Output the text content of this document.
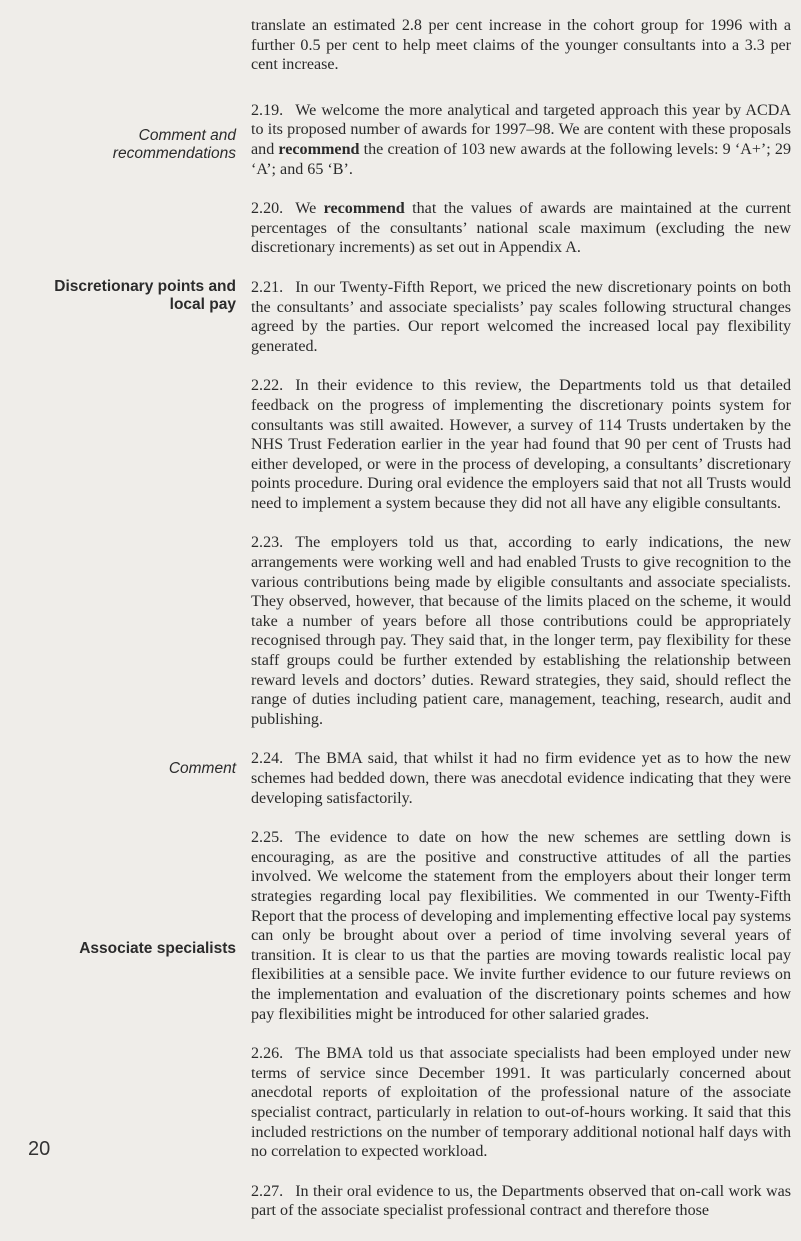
Comment and
recommendations
Discretionary points and
local pay
Comment
Associate specialists
20

translate an estimated 2.8 per cent increase in the cohort group for 1996 with a further 0.5 per cent to help meet claims of the younger consultants into a 3.3 per cent increase.

2.19. We welcome the more analytical and targeted approach this year by ACDA to its proposed number of awards for 1997–98. We are content with these proposals and recommend the creation of 103 new awards at the following levels: 9 ‘A+’; 29 ‘A’; and 65 ‘B’.

2.20. We recommend that the values of awards are maintained at the current percentages of the consultants’ national scale maximum (excluding the new discretionary increments) as set out in Appendix A.

2.21. In our Twenty-Fifth Report, we priced the new discretionary points on both the consultants’ and associate specialists’ pay scales following structural changes agreed by the parties. Our report welcomed the increased local pay flexibility generated.

2.22. In their evidence to this review, the Departments told us that detailed feedback on the progress of implementing the discretionary points system for consultants was still awaited. However, a survey of 114 Trusts undertaken by the NHS Trust Federation earlier in the year had found that 90 per cent of Trusts had either developed, or were in the process of developing, a consultants’ discretionary points procedure. During oral evidence the employers said that not all Trusts would need to implement a system because they did not all have any eligible consultants.

2.23. The employers told us that, according to early indications, the new arrangements were working well and had enabled Trusts to give recognition to the various contributions being made by eligible consultants and associate specialists. They observed, however, that because of the limits placed on the scheme, it would take a number of years before all those contributions could be appropriately recognised through pay. They said that, in the longer term, pay flexibility for these staff groups could be further extended by establishing the relationship between reward levels and doctors’ duties. Reward strategies, they said, should reflect the range of duties including patient care, management, teaching, research, audit and publishing.

2.24. The BMA said, that whilst it had no firm evidence yet as to how the new schemes had bedded down, there was anecdotal evidence indicating that they were developing satisfactorily.

2.25. The evidence to date on how the new schemes are settling down is encouraging, as are the positive and constructive attitudes of all the parties involved. We welcome the statement from the employers about their longer term strategies regarding local pay flexibilities. We commented in our Twenty-Fifth Report that the process of developing and implementing effective local pay systems can only be brought about over a period of time involving several years of transition. It is clear to us that the parties are moving towards realistic local pay flexibilities at a sensible pace. We invite further evidence to our future reviews on the implementation and evaluation of the discretionary points schemes and how pay flexibilities might be introduced for other salaried grades.

2.26. The BMA told us that associate specialists had been employed under new terms of service since December 1991. It was particularly concerned about anecdotal reports of exploitation of the professional nature of the associate specialist contract, particularly in relation to out-of-hours working. It said that this included restrictions on the number of temporary additional notional half days with no correlation to expected workload.

2.27. In their oral evidence to us, the Departments observed that on-call work was part of the associate specialist professional contract and therefore those
